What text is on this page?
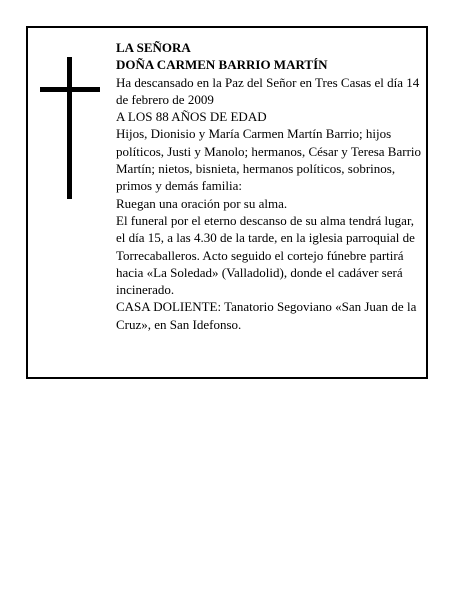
LA SEÑORA

DOÑA CARMEN BARRIO MARTÍN

Ha descansado en la Paz del Señor en Tres Casas el día 14 de febrero de 2009

A LOS 88 AÑOS DE EDAD

Hijos, Dionisio y María Carmen Martín Barrio; hijos políticos, Justi y Manolo; hermanos, César y Teresa Barrio Martín; nietos, bisnieta, hermanos políticos, sobrinos, primos y demás familia:

Ruegan una oración por su alma.

El funeral por el eterno descanso de su alma tendrá lugar, el día 15, a las 4.30 de la tarde, en la iglesia parroquial de Torrecaballeros. Acto seguido el cortejo fúnebre partirá hacia «La Soledad» (Valladolid), donde el cadáver será incinerado.

CASA DOLIENTE: Tanatorio Segoviano «San Juan de la Cruz», en San Idefonso.
